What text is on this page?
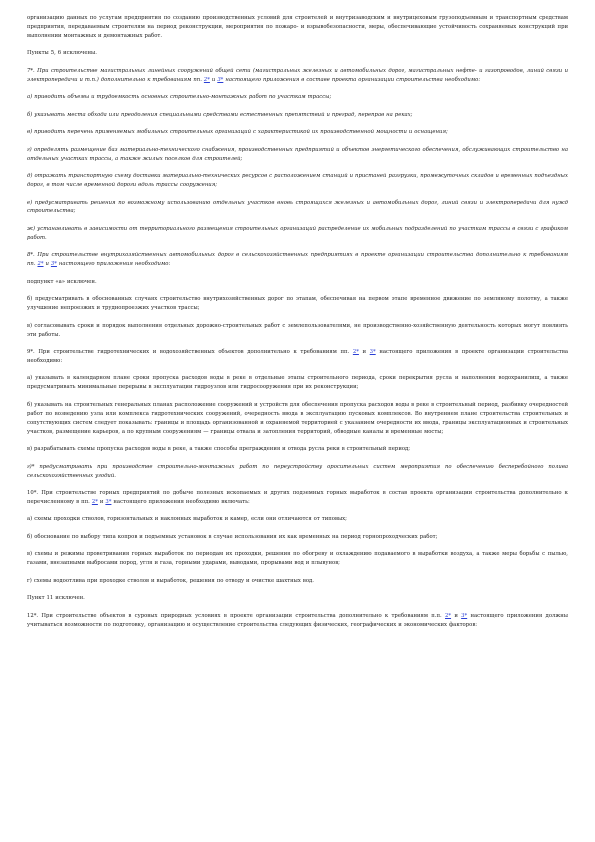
организацию данных по услугам предприятия по созданию производственных условий для строителей и внутризаводским и внутрицеховым грузоподъемным и транспортным средствам предприятия, передаваемым строителям на период реконструкции, мероприятия по пожаро- и взрывобезопасности, меры, обеспечивающие устойчивость сохраняемых конструкций при выполнении монтажных и демонтажных работ.

Пункты 5, 6 исключены.

7*. При строительстве магистральных линейных сооружений общей сети (магистральных железных и автомобильных дорог, магистральных нефте- и газопроводов, линий связи и электропередачи и т.п.) дополнительно к требованиям пп. 2* и 3* настоящего приложения в составе проекта организации строительства необходимо:

а) приводить объемы и трудоемкость основных строительно-монтажных работ по участкам трассы;

б) указывать места обхода или преодоления специальными средствами естественных препятствий и преград, переправ на реках;

в) приводить перечень применяемых мобильных строительных организаций с характеристикой их производственной мощности и оснащения;

г) определять размещение баз материально-технического снабжения, производственных предприятий и объектов энергетического обеспечения, обслуживающих строительство на отдельных участках трассы, а также жилых поселков для строителей;

д) отражать транспортную схему доставки материально-технических ресурсов с расположением станций и пристаней разгрузки, промежуточных складов и временных подъездных дорог, в том числе временной дороги вдоль трассы сооружения;

е) предусматривать решения по возможному использованию отдельных участков вновь строящихся железных и автомобильных дорог, линий связи и электропередачи для нужд строительства;

ж) устанавливать в зависимости от территориального размещения строительных организаций распределение их мобильных подразделений по участкам трассы в связи с графиком работ.

8*. При строительстве внутрихозяйственных автомобильных дорог в сельскохозяйственных предприятиях в проекте организации строительства дополнительно к требованиям пп. 2* и 3* настоящего приложения необходимо:

подпункт «а» исключен.

б) предусматривать в обоснованных случаях строительство внутрихозяйственных дорог по этапам, обеспечивая на первом этапе временное движение по земляному полотну, а также улучшение непроезжих и труднопроезжих участков трассы;

в) согласовывать сроки и порядок выполнения отдельных дорожно-строительных работ с землепользователями, не производственно-хозяйственную деятельность которых могут повлиять эти работы.

9*. При строительстве гидротехнических и водохозяйственных объектов дополнительно к требованиям пп. 2* и 3* настоящего приложения в проекте организации строительства необходимо:

а) указывать в календарном плане сроки пропуска расходов воды в реке в отдельные этапы строительного периода, сроки перекрытия русла и наполнения водохранилищ, а также предусматривать минимальные перерывы в эксплуатации гидроузлов или гидросооружения при их реконструкции;

б) указывать на строительных генеральных планах расположение сооружений и устройств для обеспечения пропуска расходов воды в реке в строительный период, разбивку очередностей работ по возведению узла или комплекса гидротехнических сооружений, очередность ввода в эксплуатацию пусковых комплексов. Во внутреннем плане строительства строительных и сопутствующих систем следует показывать: границы и площадь организованной и охраняемой территорией с указанием очередности их ввода, границы эксплуатационных и строительных участков, размещение карьеров, а по крупным сооружениям — границы отвала и затопления территорий, обводные каналы и временные мосты;

в) разрабатывать схемы пропуска расходов воды в реке, а также способы преграждения и отвода русла реки в строительный период;

г)* предусматривать при производстве строительно-монтажных работ по переустройству оросительных систем мероприятия по обеспечению бесперебойного полива сельскохозяйственных угодий.

10*. При строительстве горных предприятий по добыче полезных ископаемых и других подземных горных выработок в состав проекта организации строительства дополнительно к перечисленному в пп. 2* и 3* настоящего приложения необходимо включать:

а) схемы проходки стволов, горизонтальных и наклонных выработок и камер, если они отличаются от типовых;

б) обоснование по выбору типа копров и подъемных установок в случае использования их как временных на период горнопроходческих работ;

в) схемы и режимы проветривания горных выработок по периодам их проходки, решения по обогреву и охлаждению подаваемого в выработки воздуха, а также меры борьбы с пылью, газами, внезапными выбросами пород, угля и газа, горными ударами, выводами, прорывами вод и плывунов;

г) схемы водоотлива при проходке стволов и выработок, решения по отводу и очистке шахтных вод.

Пункт 11 исключен.

12*. При строительстве объектов в суровых природных условиях в проекте организации строительства дополнительно к требованиям п.п. 2* и 3* настоящего приложения должны учитываться возможности по подготовку, организацию и осуществление строительства следующих физических, географических и экономических факторов:
